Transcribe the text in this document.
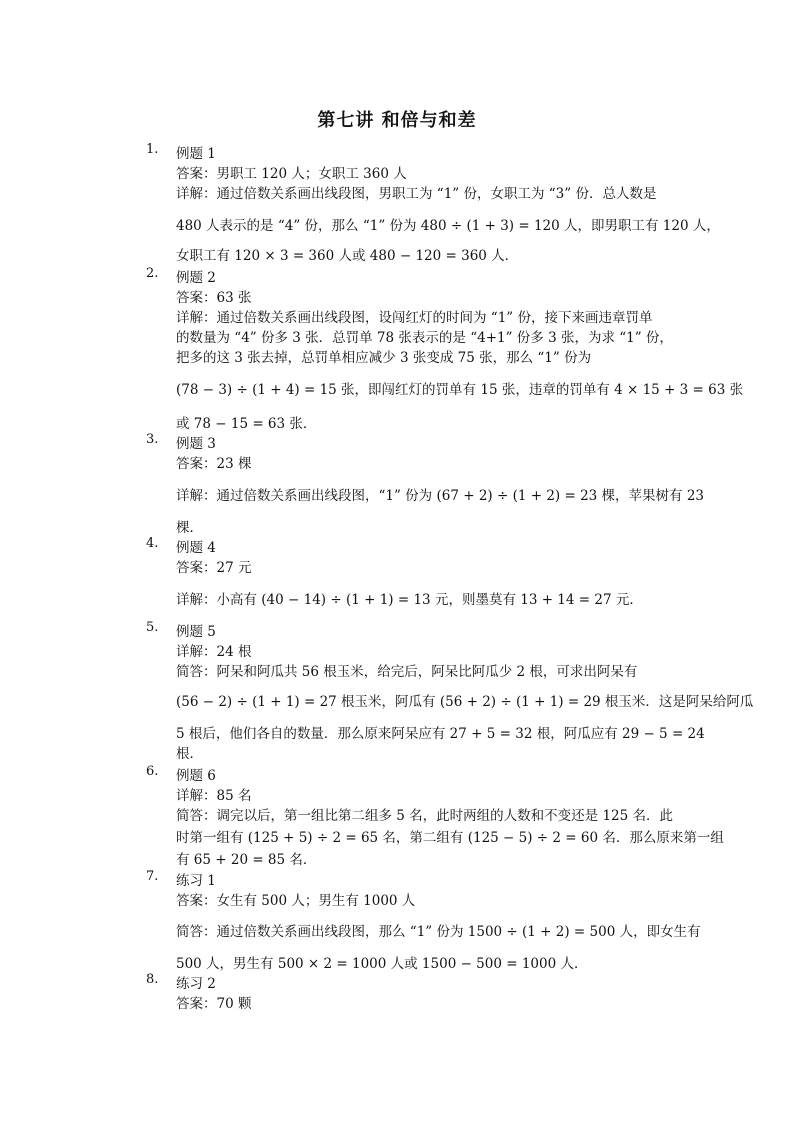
第七讲 和倍与和差
1. 例题 1
答案：男职工 120 人；女职工 360 人
详解：通过倍数关系画出线段图，男职工为 “1” 份，女职工为 “3” 份．总人数是
480 人表示的是 “4” 份，那么 “1” 份为 480 ÷ (1 + 3) = 120 人，即男职工有 120 人，
女职工有 120 × 3 = 360 人或 480 − 120 = 360 人．
2. 例题 2
答案：63 张
详解：通过倍数关系画出线段图，设闯红灯的时间为 “1” 份，接下来画违章罚单
的数量为 “4” 份多 3 张．总罚单 78 张表示的是 “4+1” 份多 3 张，为求 “1” 份，
把多的这 3 张去掉，总罚单相应减少 3 张变成 75 张，那么 “1” 份为
(78 − 3) ÷ (1 + 4) = 15 张，即闯红灯的罚单有 15 张，违章的罚单有 4 × 15 + 3 = 63 张
或 78 − 15 = 63 张．
3. 例题 3
答案：23 棵
详解：通过倍数关系画出线段图，“1” 份为 (67 + 2) ÷ (1 + 2) = 23 棵，苹果树有 23
棵．
4. 例题 4
答案：27 元
详解：小高有 (40 − 14) ÷ (1 + 1) = 13 元，则墨莫有 13 + 14 = 27 元．
5. 例题 5
详解：24 根
简答：阿呆和阿瓜共 56 根玉米，给完后，阿呆比阿瓜少 2 根，可求出阿呆有
(56 − 2) ÷ (1 + 1) = 27 根玉米，阿瓜有 (56 + 2) ÷ (1 + 1) = 29 根玉米．这是阿呆给阿瓜
5 根后，他们各自的数量．那么原来阿呆应有 27 + 5 = 32 根，阿瓜应有 29 − 5 = 24
根．
6. 例题 6
详解：85 名
简答：调完以后，第一组比第二组多 5 名，此时两组的人数和不变还是 125 名．此
时第一组有 (125 + 5) ÷ 2 = 65 名，第二组有 (125 − 5) ÷ 2 = 60 名．那么原来第一组
有 65 + 20 = 85 名．
7. 练习 1
答案：女生有 500 人；男生有 1000 人
简答：通过倍数关系画出线段图，那么 “1” 份为 1500 ÷ (1 + 2) = 500 人，即女生有
500 人，男生有 500 × 2 = 1000 人或 1500 − 500 = 1000 人．
8. 练习 2
答案：70 颗
